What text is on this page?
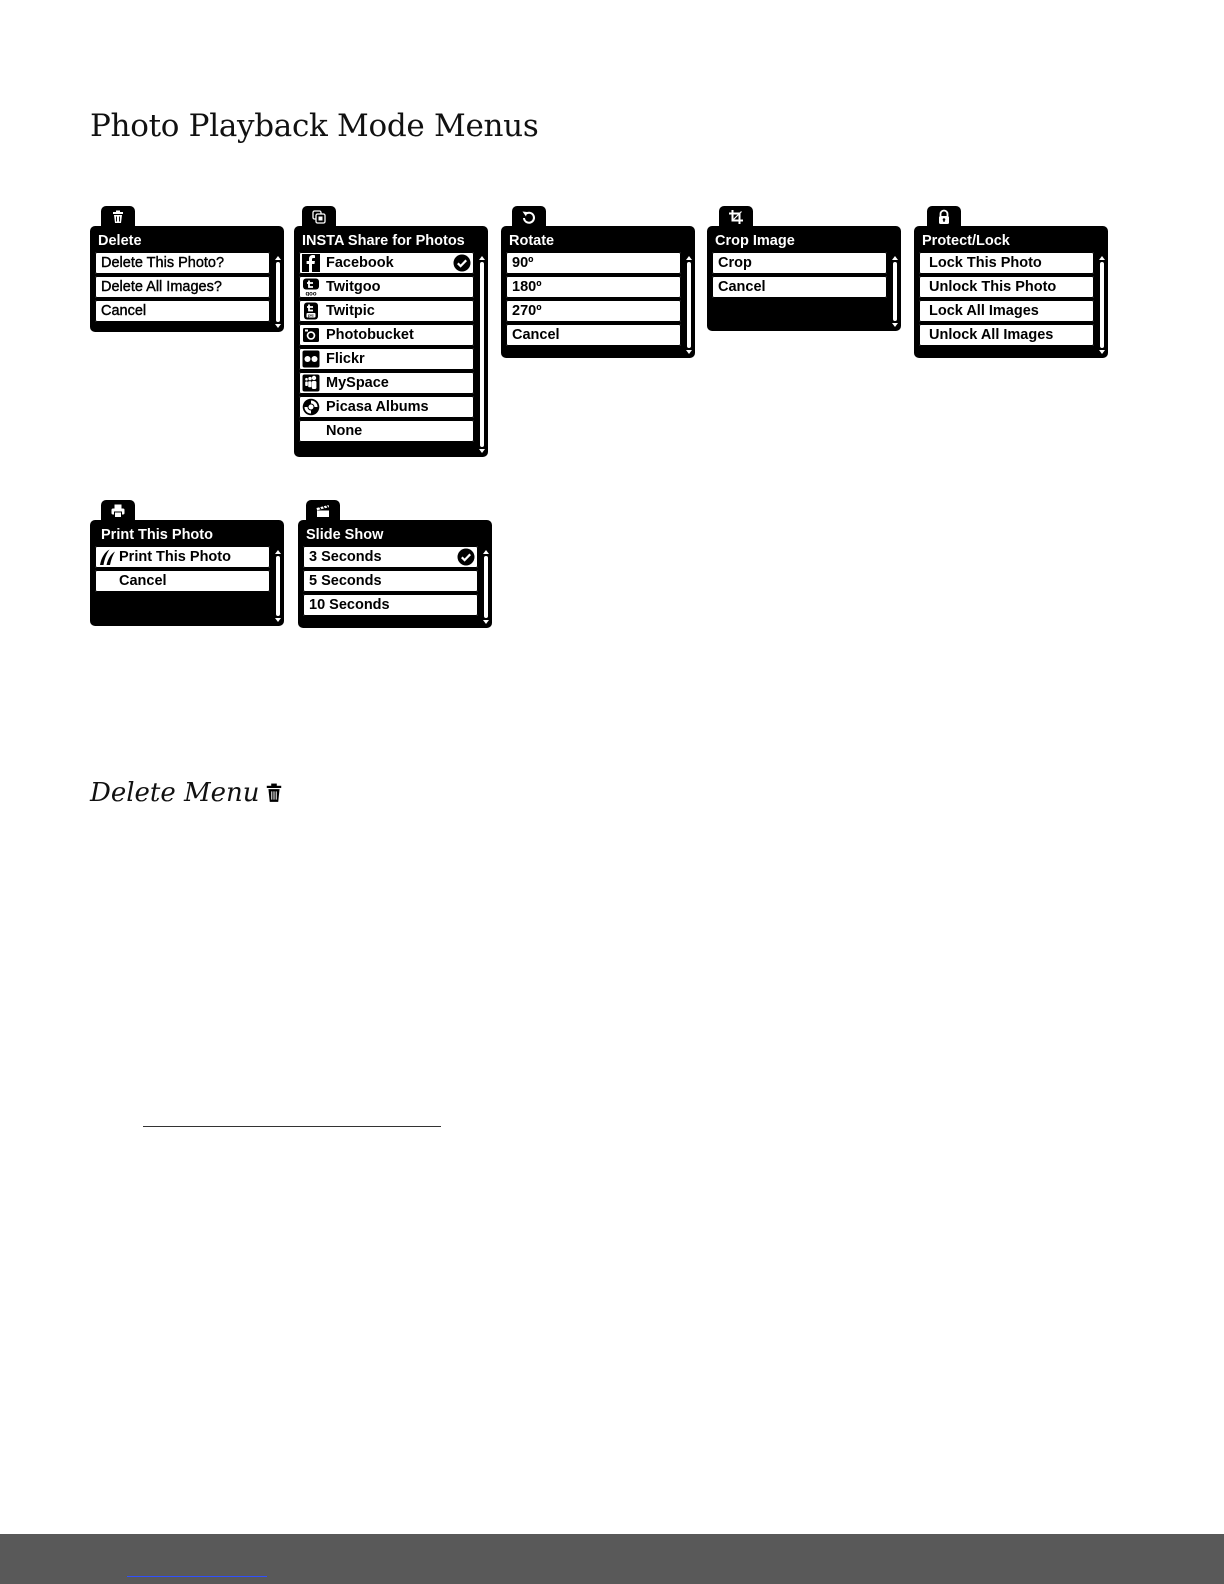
Photo Playback Mode Menus
Delete
Delete This Photo?
Delete All Images?
Cancel
INSTA Share for Photos
Facebook
goo Twitgoo
pic Twitpic
Photobucket
Flickr
MySpace
Picasa Albums
None
Rotate
90º
180º
270º
Cancel
Crop Image
Crop
Cancel
Protect/Lock
Lock This Photo
Unlock This Photo
Lock All Images
Unlock All Images
Print This Photo
Print This Photo
Cancel
Slide Show
3 Seconds
5 Seconds
10 Seconds
Delete Menu
